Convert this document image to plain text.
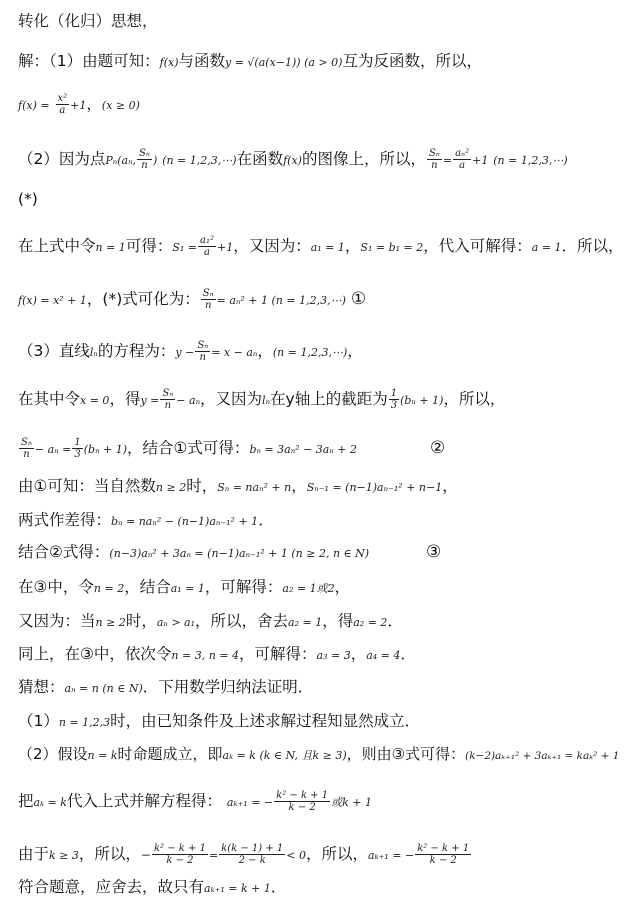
转化（化归）思想，
解：（1）由题可知：f(x)与函数y = √(a(x−1)) (a > 0)互为反函数，所以，
$f(x) = \frac{\text{x²}}{a} +1$，(x ≥ 0)
（2）因为点Pₙ(aₙ, $\frac{\text{Sₙ}}{n}$ ) (n = 1,2,3,⋯)在函数f(x)的图像上，所以， $\frac{\text{Sₙ}}{n} = \frac{\text{aₙ²}}{a} +1$ (n = 1,2,3,⋯)
(*)
在上式中令n = 1可得：$S_1 = \frac{\text{a₁²}}{a} +1$，又因为：a₁ = 1，S₁ = b₁ = 2，代入可解得：a = 1．所以，
f(x) = x² + 1，(*)式可化为： $\frac{\text{Sₙ}}{n} = a_n^2 + 1$ (n = 1,2,3,⋯) ①
（3）直线lₙ的方程为：$y - \frac{\text{Sₙ}}{n} = x - a_n$，(n = 1,2,3,⋯)，
在其中令x = 0，得$y = \frac{\text{Sₙ}}{n} - a_n$，又因为lₙ在y轴上的截距为 $\frac{1}{3} (b_n + 1)$，所以，
$\frac{\text{Sₙ}}{n} - a_n = \frac{1}{3} (b_n + 1)$，结合①式可得：bₙ = 3aₙ² − 3aₙ + 2	②
由①可知：当自然数n ≥ 2时，Sₙ = naₙ² + n，Sₙ₋₁ = (n−1)aₙ₋₁² + n−1，
两式作差得：bₙ = naₙ² − (n−1)aₙ₋₁² + 1．
结合②式得：(n−3)aₙ² + 3aₙ = (n−1)aₙ₋₁² + 1 (n ≥ 2, n ∈ N)	③
在③中，令n = 2，结合a₁ = 1，可解得：a₂ = 1或2，
又因为：当n ≥ 2时，aₙ > a₁，所以，舍去a₂ = 1，得a₂ = 2．
同上，在③中，依次令n = 3, n = 4，可解得：a₃ = 3，a₄ = 4．
猜想：aₙ = n (n ∈ N)．下用数学归纳法证明．
（1）n = 1,2,3时，由已知条件及上述求解过程知显然成立．
（2）假设n = k时命题成立，即aₖ = k (k ∈ N, 且k ≥ 3)，则由③式可得：(k−2)aₖ₊₁² + 3aₖ₊₁ = kaₖ² + 1
把aₖ = k代入上式并解方程得： aₖ₊₁ = − $\frac{\text{k² − k + 1}}{k - 2}$ 或k + 1
由于k ≥ 3，所以，− $\frac{\text{k² − k + 1}}{k - 2} = \frac{k(k - 1) + 1}{2 - k} < 0$，所以，aₖ₊₁ = − $\frac{\text{k² − k + 1}}{k - 2}$
符合题意，应舍去，故只有aₖ₊₁ = k + 1．
